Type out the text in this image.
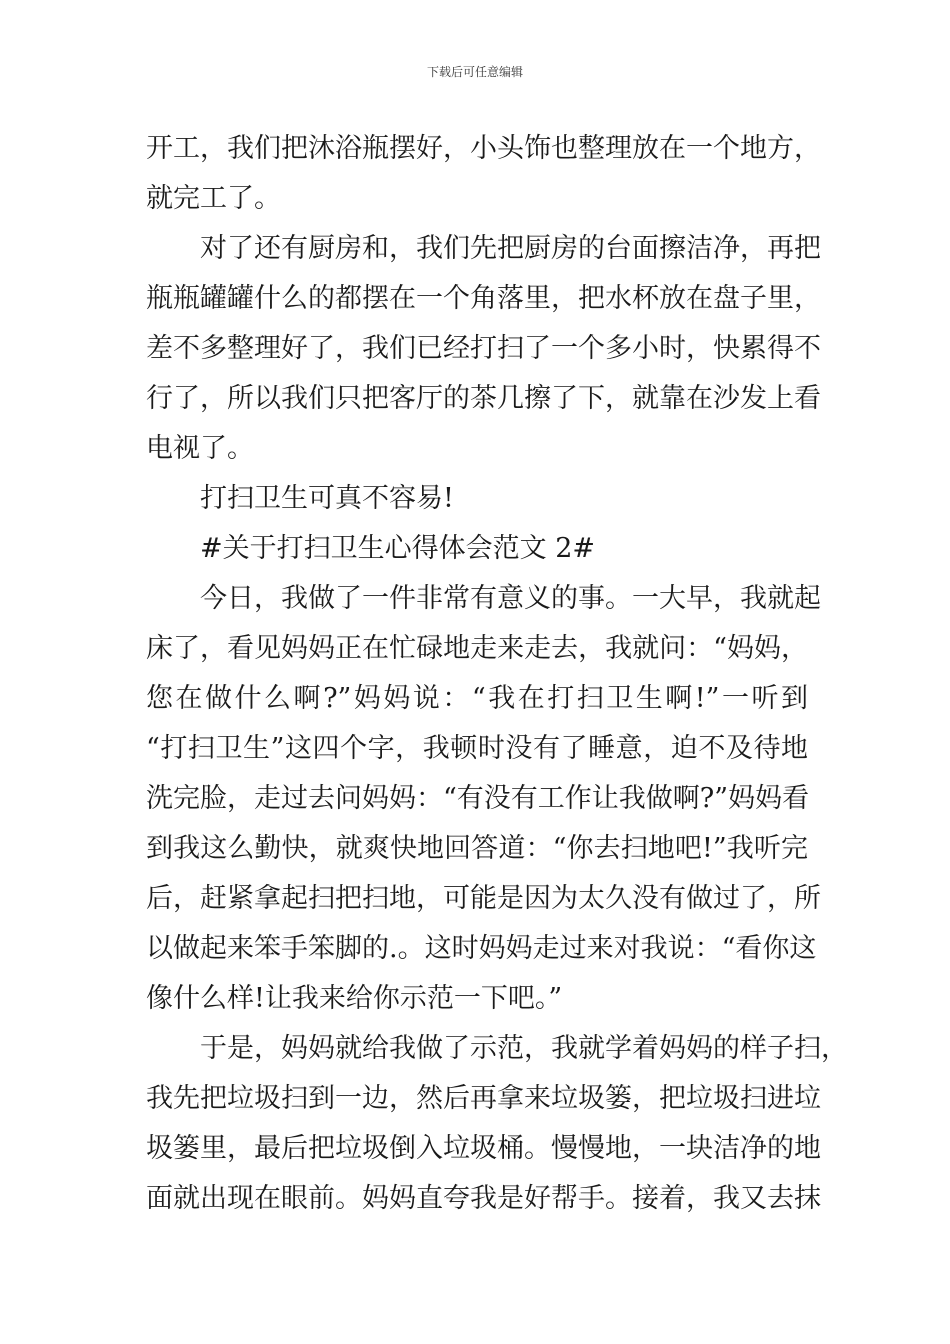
下载后可任意编辑
开工，我们把沐浴瓶摆好，小头饰也整理放在一个地方，
就完工了。
对了还有厨房和，我们先把厨房的台面擦洁净，再把
瓶瓶罐罐什么的都摆在一个角落里，把水杯放在盘子里，
差不多整理好了，我们已经打扫了一个多小时，快累得不
行了，所以我们只把客厅的茶几擦了下，就靠在沙发上看
电视了。
打扫卫生可真不容易!
#关于打扫卫生心得体会范文 2#
今日，我做了一件非常有意义的事。一大早，我就起
床了，看见妈妈正在忙碌地走来走去，我就问：“妈妈，
您在做什么啊?”妈妈说：“我在打扫卫生啊!”一听到
“打扫卫生”这四个字，我顿时没有了睡意，迫不及待地
洗完脸，走过去问妈妈：“有没有工作让我做啊?”妈妈看
到我这么勤快，就爽快地回答道：“你去扫地吧!”我听完
后，赶紧拿起扫把扫地，可能是因为太久没有做过了，所
以做起来笨手笨脚的.。这时妈妈走过来对我说：“看你这
像什么样!让我来给你示范一下吧。”
于是，妈妈就给我做了示范，我就学着妈妈的样子扫，
我先把垃圾扫到一边，然后再拿来垃圾篓，把垃圾扫进垃
圾篓里，最后把垃圾倒入垃圾桶。慢慢地，一块洁净的地
面就出现在眼前。妈妈直夸我是好帮手。接着，我又去抹
